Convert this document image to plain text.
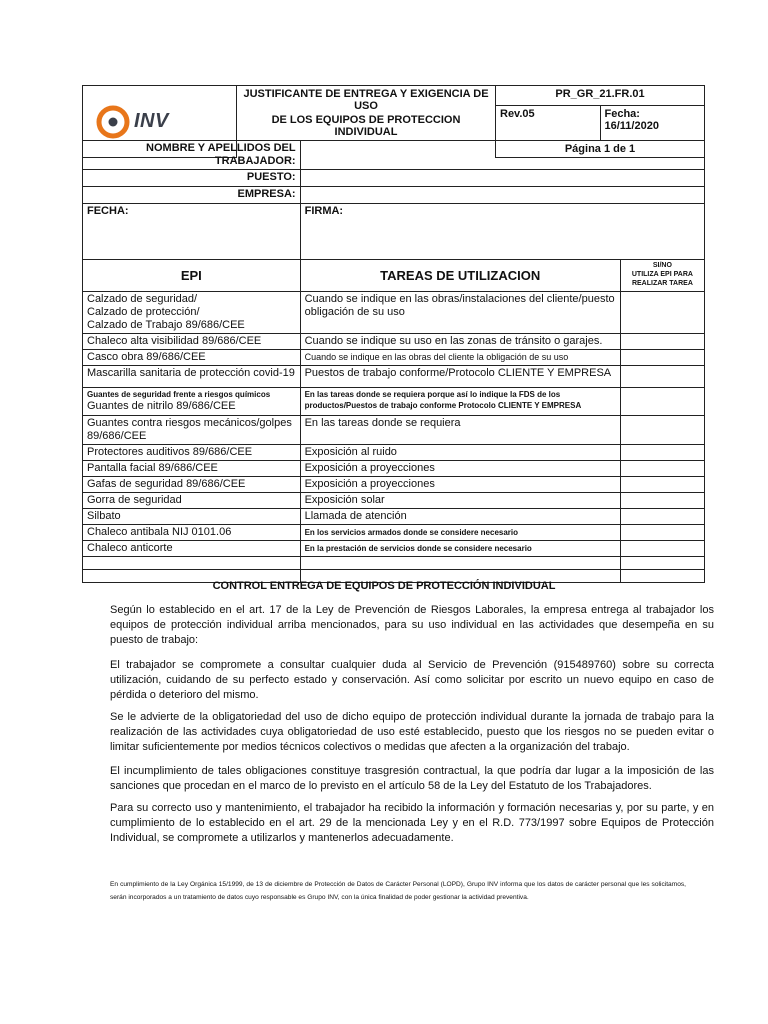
INV	JUSTIFICANTE DE ENTREGA Y EXIGENCIA DE USO
DE LOS EQUIPOS DE PROTECCION INDIVIDUAL	PR_GR_21.FR.01	
		Rev.05	Fecha:
16/11/2020

		Página 1 de 1	
NOMBRE Y APELLIDOS DEL TRABAJADOR:		
PUESTO:		
EMPRESA:		
FECHA:	FIRMA:	
EPI	TAREAS DE UTILIZACION	SI/NO
UTILIZA EPI PARA
REALIZAR TAREA

Calzado de seguridad/
Calzado de protección/
Calzado de Trabajo 89/686/CEE	Cuando se indique en las obras/instalaciones del cliente/puesto obligación de su uso	
Chaleco alta visibilidad 89/686/CEE	Cuando se indique su uso en las zonas de tránsito o garajes.	
Casco obra 89/686/CEE	Cuando se indique en las obras del cliente la obligación de su uso	
Mascarilla sanitaria de protección covid-19	Puestos de trabajo conforme/Protocolo CLIENTE Y EMPRESA	

Guantes de seguridad frente a riesgos químicos
Guantes de nitrilo 89/686/CEE	En las tareas donde se requiera porque así lo indique la FDS de los productos/Puestos de trabajo conforme Protocolo CLIENTE Y EMPRESA	
Guantes contra riesgos mecánicos/golpes 89/686/CEE	En las tareas donde se requiera	
Protectores auditivos 89/686/CEE	Exposición al ruido	
Pantalla facial 89/686/CEE	Exposición a proyecciones	
Gafas de seguridad 89/686/CEE	Exposición a proyecciones	
Gorra de seguridad	Exposición solar	
Silbato	Llamada de atención	
Chaleco antibala NIJ 0101.06	En los servicios armados donde se considere necesario	
Chaleco anticorte	En la prestación de servicios donde se considere necesario	

CONTROL ENTREGA DE EQUIPOS DE PROTECCIÓN INDIVIDUAL
Según lo establecido en el art. 17 de la Ley de Prevención de Riesgos Laborales, la empresa entrega al trabajador los equipos de protección individual arriba mencionados, para su uso individual en las actividades que desempeña en su puesto de trabajo:
El trabajador se compromete a consultar cualquier duda al Servicio de Prevención (915489760) sobre su correcta utilización, cuidando de su perfecto estado y conservación. Así como solicitar por escrito un nuevo equipo en caso de pérdida o deterioro del mismo.
Se le advierte de la obligatoriedad del uso de dicho equipo de protección individual durante la jornada de trabajo para la realización de las actividades cuya obligatoriedad de uso esté establecido, puesto que los riesgos no se pueden evitar o limitar suficientemente por medios técnicos colectivos o medidas que afecten a la organización del trabajo.
El incumplimiento de tales obligaciones constituye trasgresión contractual, la que podría dar lugar a la imposición de las sanciones que procedan en el marco de lo previsto en el artículo 58 de la Ley del Estatuto de los Trabajadores.
Para su correcto uso y mantenimiento, el trabajador ha recibido la información y formación necesarias y, por su parte, y en cumplimiento de lo establecido en el art. 29 de la mencionada Ley y en el R.D. 773/1997 sobre Equipos de Protección Individual, se compromete a utilizarlos y mantenerlos adecuadamente.
En cumplimiento de la Ley Orgánica 15/1999, de 13 de diciembre de Protección de Datos de Carácter Personal (LOPD), Grupo INV informa que los datos de carácter personal que les solicitamos, serán incorporados a un tratamiento de datos cuyo responsable es Grupo INV, con la única finalidad de poder gestionar la actividad preventiva.
